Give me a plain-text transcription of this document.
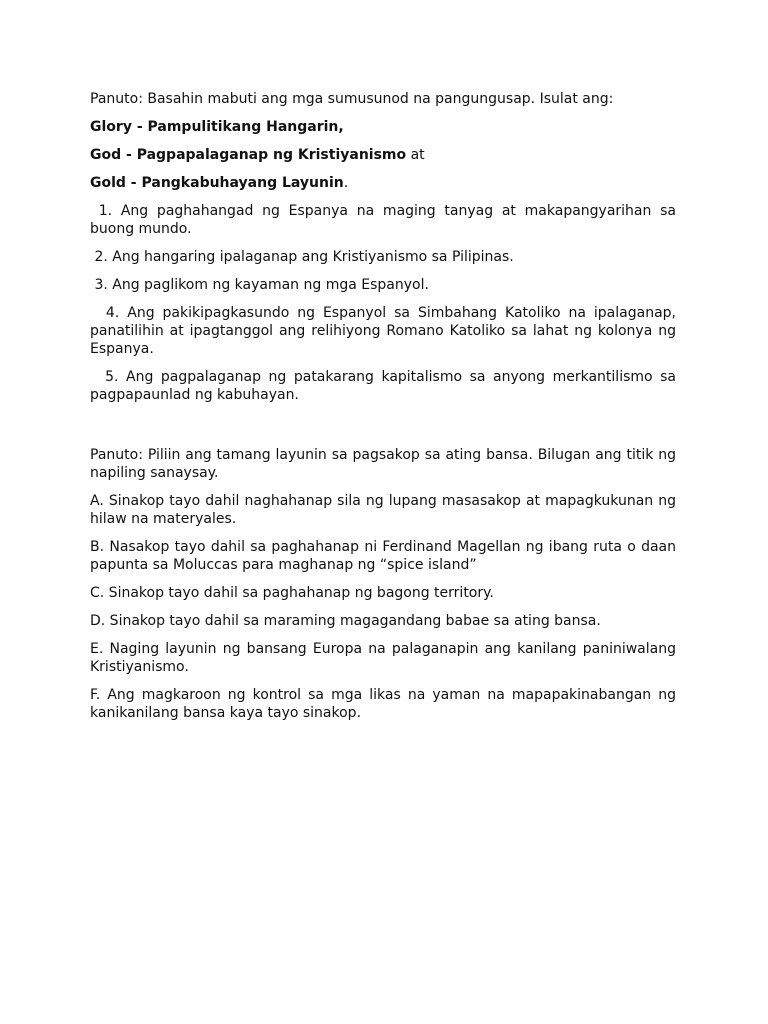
Panuto: Basahin mabuti ang mga sumusunod na pangungusap. Isulat ang:

Glory - Pampulitikang Hangarin,

God - Pagpapalaganap ng Kristiyanismo at

Gold - Pangkabuhayang Layunin.

1. Ang paghahangad ng Espanya na maging tanyag at makapangyarihan sa buong mundo.

2. Ang hangaring ipalaganap ang Kristiyanismo sa Pilipinas.

3. Ang paglikom ng kayaman ng mga Espanyol.

4. Ang pakikipagkasundo ng Espanyol sa Simbahang Katoliko na ipalaganap, panatilihin at ipagtanggol ang relihiyong Romano Katoliko sa lahat ng kolonya ng Espanya.

5. Ang pagpalaganap ng patakarang kapitalismo sa anyong merkantilismo sa pagpapaunlad ng kabuhayan.

Panuto: Piliin ang tamang layunin sa pagsakop sa ating bansa. Bilugan ang titik ng napiling sanaysay.

A. Sinakop tayo dahil naghahanap sila ng lupang masasakop at mapagkukunan ng hilaw na materyales.

B. Nasakop tayo dahil sa paghahanap ni Ferdinand Magellan ng ibang ruta o daan papunta sa Moluccas para maghanap ng “spice island”

C. Sinakop tayo dahil sa paghahanap ng bagong territory.

D. Sinakop tayo dahil sa maraming magagandang babae sa ating bansa.

E. Naging layunin ng bansang Europa na palaganapin ang kanilang paniniwalang Kristiyanismo.

F. Ang magkaroon ng kontrol sa mga likas na yaman na mapapakinabangan ng kanikanilang bansa kaya tayo sinakop.
